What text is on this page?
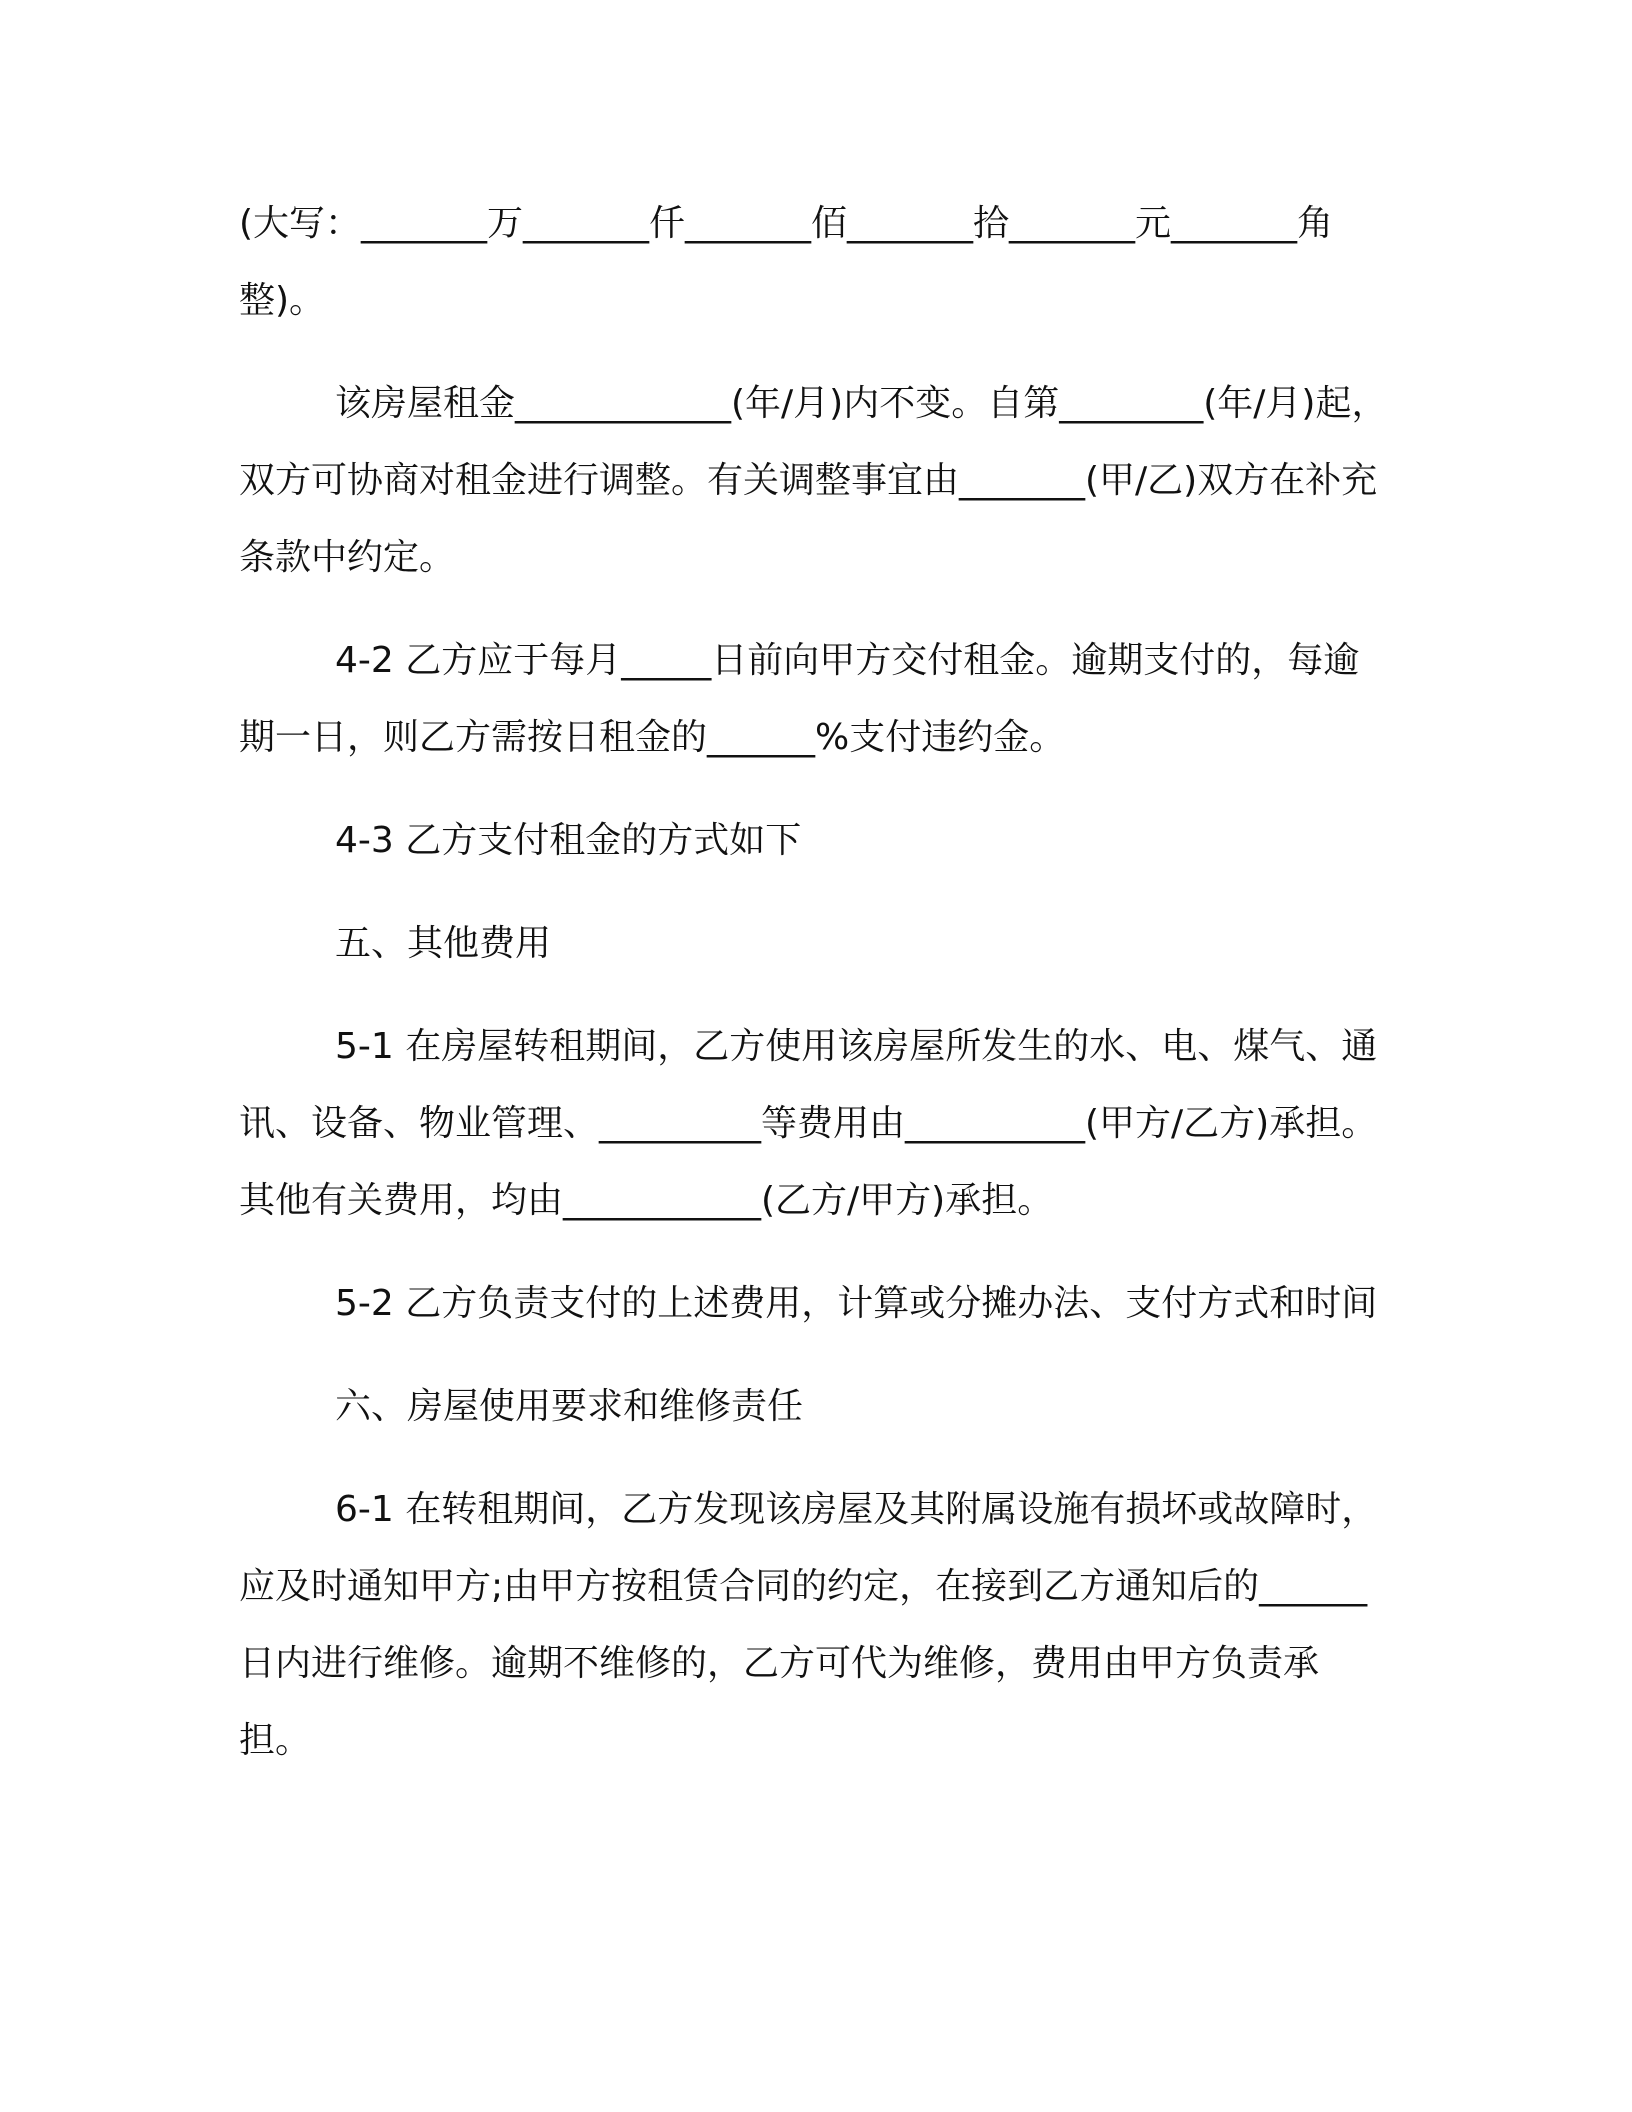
(大写：_______万_______仟_______佰_______拾_______元_______角整)。

该房屋租金____________(年/月)内不变。自第________(年/月)起，双方可协商对租金进行调整。有关调整事宜由_______(甲/乙)双方在补充条款中约定。

4-2 乙方应于每月_____日前向甲方交付租金。逾期支付的，每逾期一日，则乙方需按日租金的______%支付违约金。

4-3 乙方支付租金的方式如下

五、其他费用

5-1 在房屋转租期间，乙方使用该房屋所发生的水、电、煤气、通讯、设备、物业管理、_________等费用由__________(甲方/乙方)承担。其他有关费用，均由___________(乙方/甲方)承担。

5-2 乙方负责支付的上述费用，计算或分摊办法、支付方式和时间

六、房屋使用要求和维修责任

6-1 在转租期间，乙方发现该房屋及其附属设施有损坏或故障时，应及时通知甲方;由甲方按租赁合同的约定，在接到乙方通知后的______日内进行维修。逾期不维修的，乙方可代为维修，费用由甲方负责承担。
